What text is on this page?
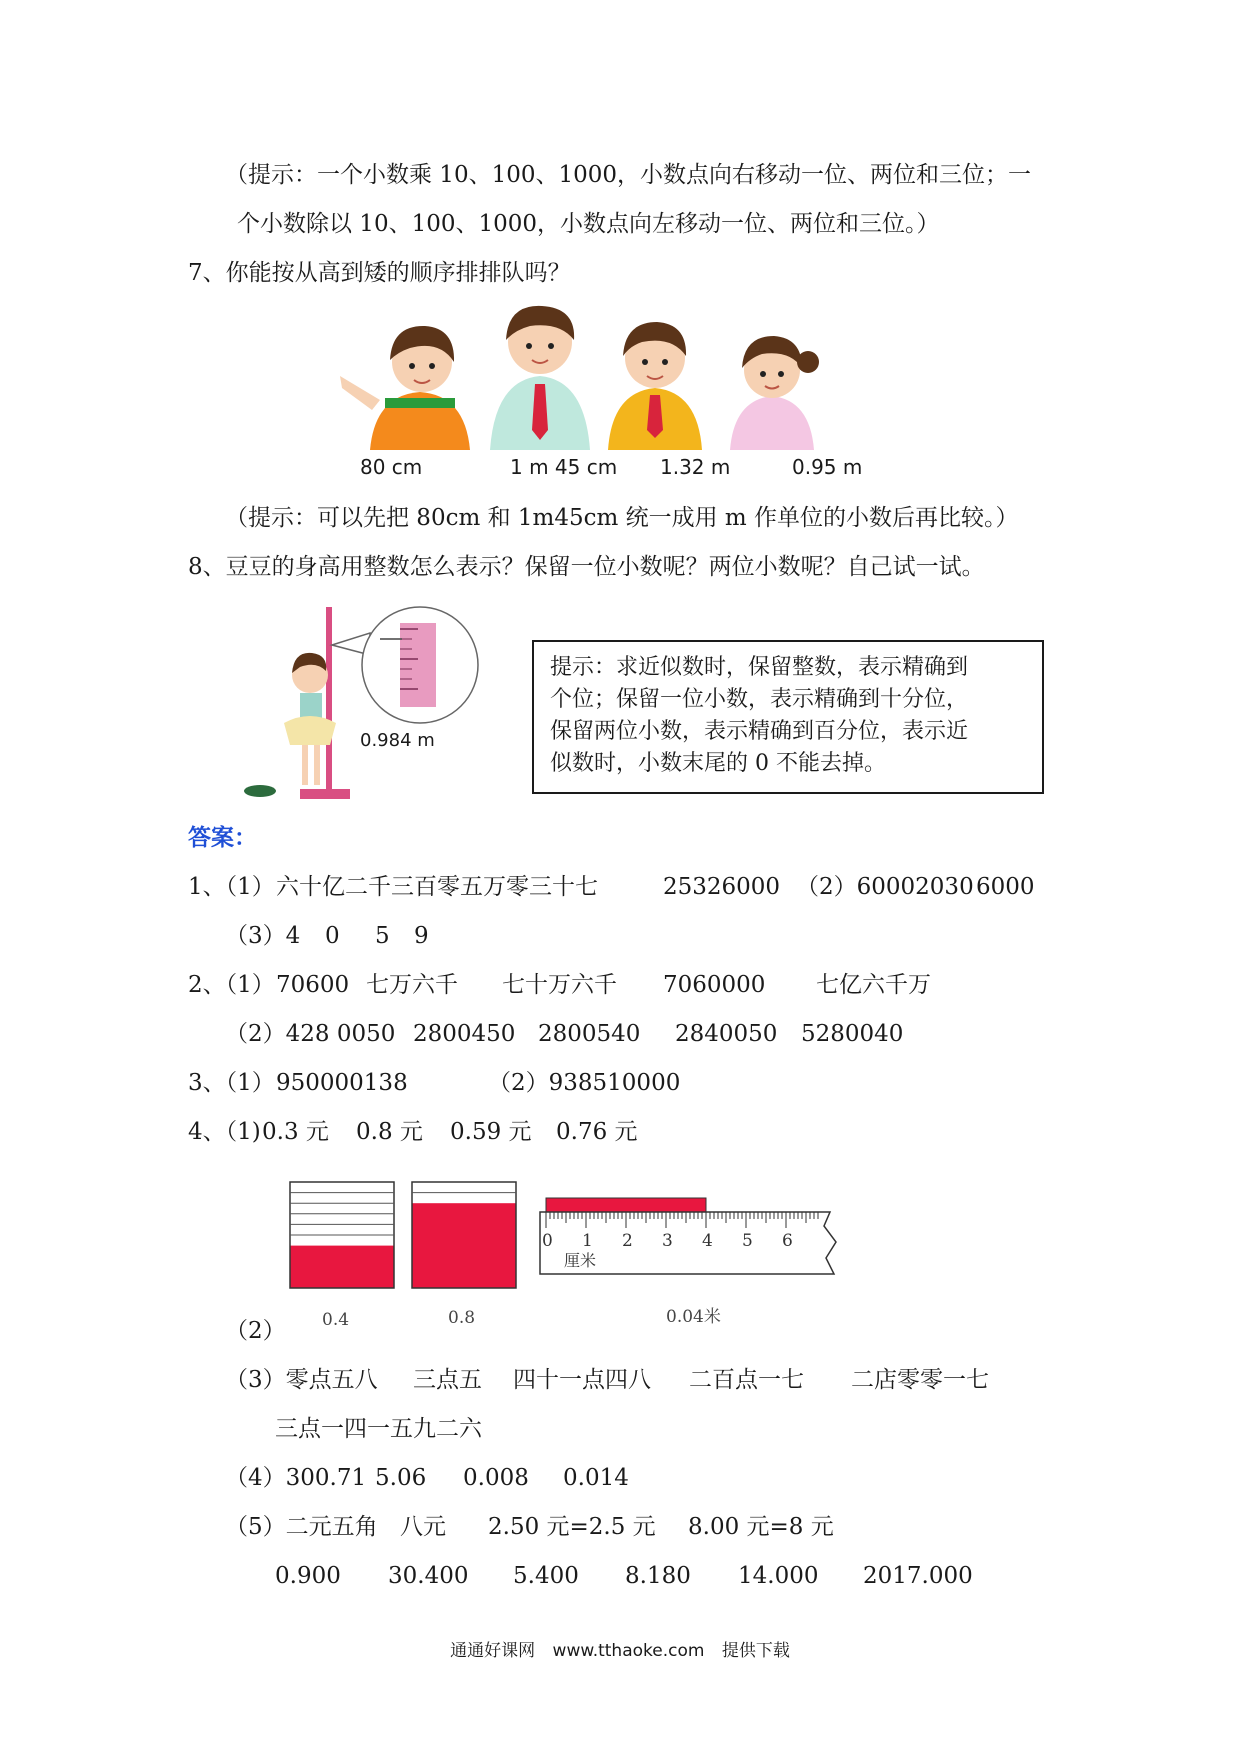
（提示：一个小数乘 10、100、1000，小数点向右移动一位、两位和三位；一
个小数除以 10、100、1000，小数点向左移动一位、两位和三位。）
7、你能按从高到矮的顺序排排队吗？
80 cm	1 m 45 cm 1.32 m	0.95 m
（提示：可以先把 80cm 和 1m45cm 统一成用 m 作单位的小数后再比较。）
8、豆豆的身高用整数怎么表示？保留一位小数呢？两位小数呢？自己试一试。
0.984 m
提示：求近似数时，保留整数，表示精确到
个位；保留一位小数，表示精确到十分位，
保留两位小数，表示精确到百分位，表示近
似数时，小数末尾的 0 不能去掉。
答案：
1、（1） 六十亿二千三百零五万零三十七	25326000 （2）60002030 6000
（3）4 0 5 9
2、（1） 70600 七万六千 七十万六千 7060000 七亿六千万
（2）428 0050 2800450 2800540 2840050 5280040
3、（1） 950000138	（2）938510000
4、（1) 0.3 元 0.8 元 0.59 元 0.76 元
0 1 2 3 4 5 6
厘米
0.4	0.8	0.04米
（2）
（3）零点五八 三点五 四十一点四八 二百点一七 二店零零一七
三点一四一五九二六
（4）300.71 5.06 0.008 0.014
（5）二元五角 八元 2.50 元=2.5 元 8.00 元=8 元
0.900 30.400 5.400 8.180 14.000 2017.000
通通好课网 www.tthaoke.com 提供下载
